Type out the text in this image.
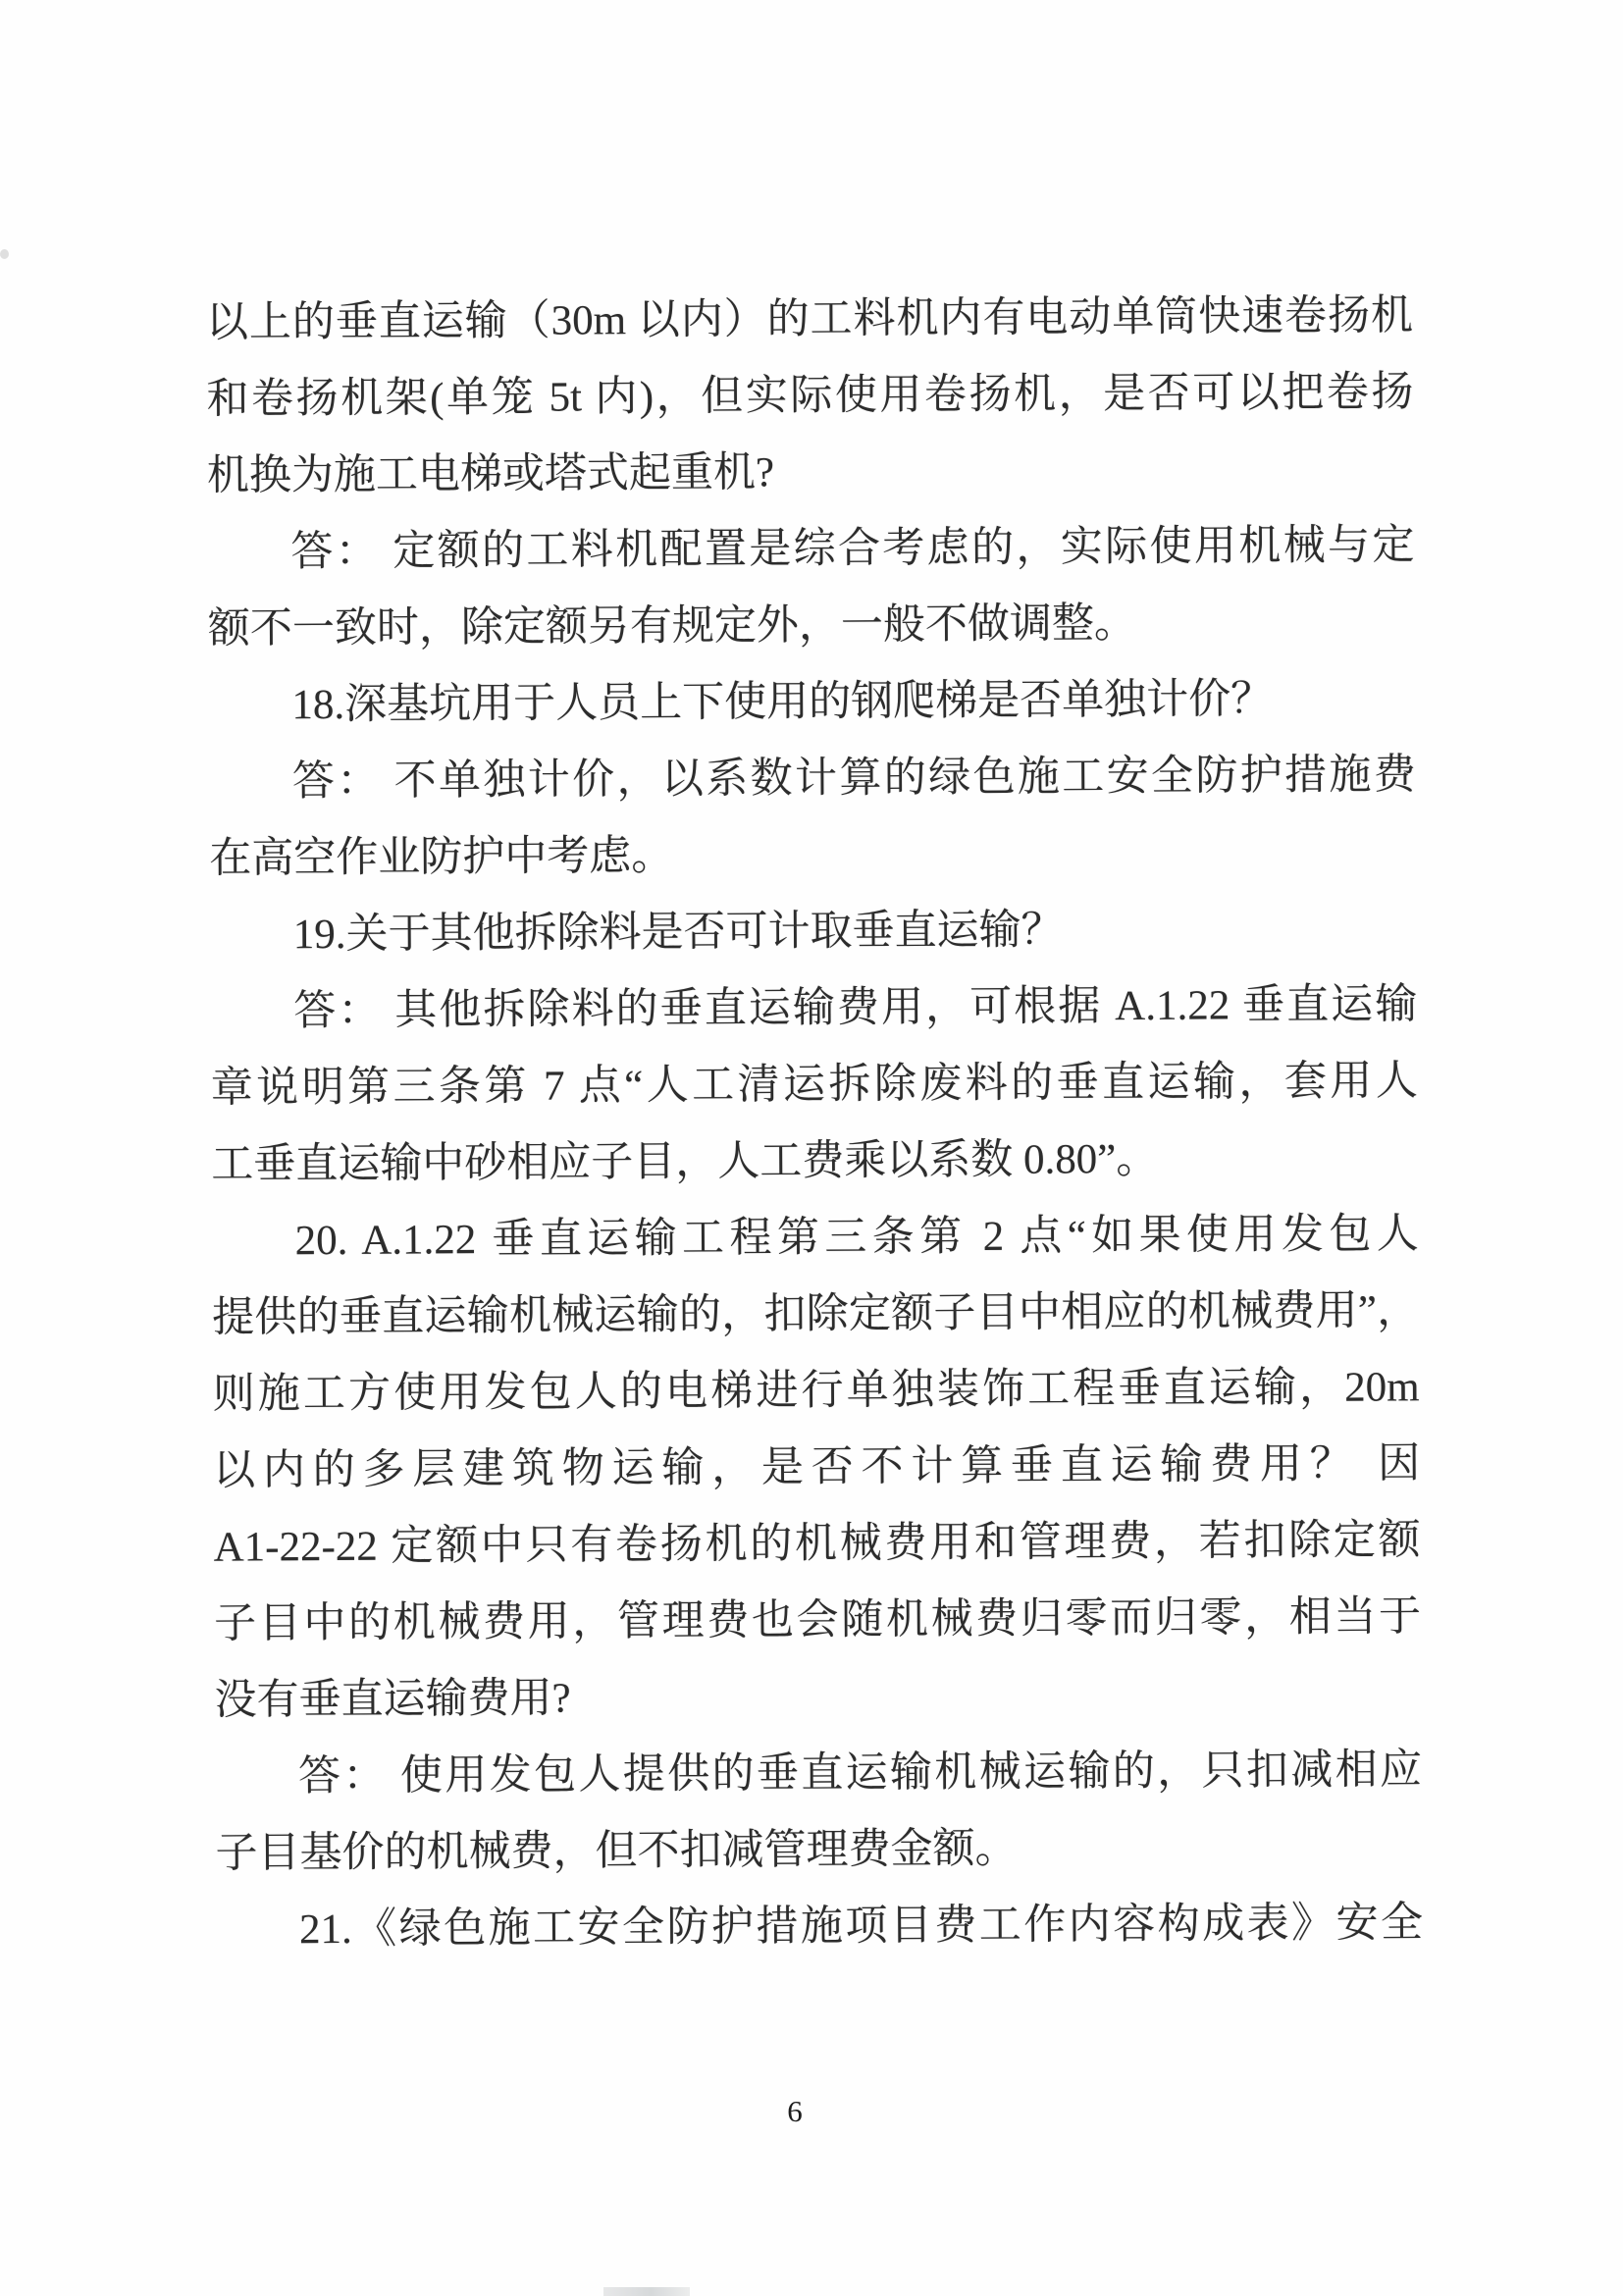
以上的垂直运输（30m 以内）的工料机内有电动单筒快速卷扬机
和卷扬机架(单笼 5t 内)，但实际使用卷扬机，是否可以把卷扬
机换为施工电梯或塔式起重机?
答： 定额的工料机配置是综合考虑的，实际使用机械与定
额不一致时，除定额另有规定外，一般不做调整。
18.深基坑用于人员上下使用的钢爬梯是否单独计价？
答： 不单独计价，以系数计算的绿色施工安全防护措施费
在高空作业防护中考虑。
19.关于其他拆除料是否可计取垂直运输？
答： 其他拆除料的垂直运输费用，可根据 A.1.22 垂直运输
章说明第三条第 7 点“人工清运拆除废料的垂直运输，套用人
工垂直运输中砂相应子目，人工费乘以系数 0.80”。
20. A.1.22 垂直运输工程第三条第 2 点“如果使用发包人
提供的垂直运输机械运输的，扣除定额子目中相应的机械费用”，
则施工方使用发包人的电梯进行单独装饰工程垂直运输，20m
以内的多层建筑物运输，是否不计算垂直运输费用？ 因
A1-22-22 定额中只有卷扬机的机械费用和管理费，若扣除定额
子目中的机械费用，管理费也会随机械费归零而归零，相当于
没有垂直运输费用?
答： 使用发包人提供的垂直运输机械运输的，只扣减相应
子目基价的机械费，但不扣减管理费金额。
21.《绿色施工安全防护措施项目费工作内容构成表》安全
6
